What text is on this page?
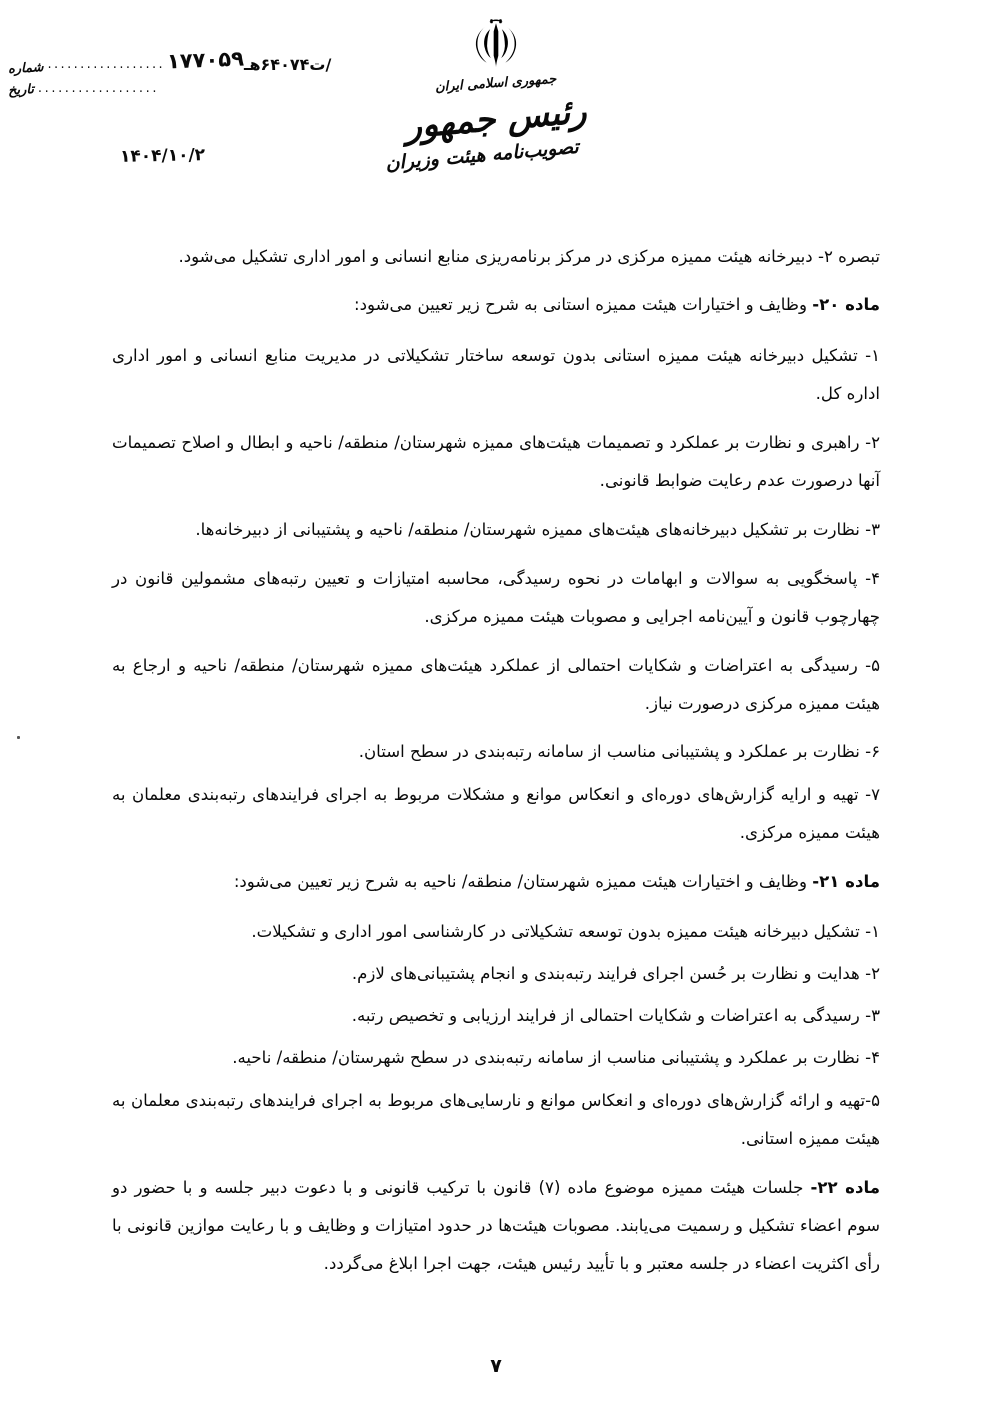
شماره .................. ۱۷۷۰۵۹ /ت۶۴۰۷۴هـ
تاریخ ..................
۱۴۰۴/۱۰/۲
جمهوری اسلامی ایران
رئیس جمهور
تصویب‌نامه هیئت وزیران

تبصره ۲- دبیرخانه هیئت ممیزه مرکزی در مرکز برنامه‌ریزی منابع انسانی و امور اداری تشکیل می‌شود.

ماده ۲۰- وظایف و اختیارات هیئت ممیزه استانی به شرح زیر تعیین می‌شود:

۱- تشکیل دبیرخانه هیئت ممیزه استانی بدون توسعه ساختار تشکیلاتی در مدیریت منابع انسانی و امور اداری اداره کل.

۲- راهبری و نظارت بر عملکرد و تصمیمات هیئت‌های ممیزه شهرستان/ منطقه/ ناحیه و ابطال و اصلاح تصمیمات آنها درصورت عدم رعایت ضوابط قانونی.

۳- نظارت بر تشکیل دبیرخانه‌های هیئت‌های ممیزه شهرستان/ منطقه/ ناحیه و پشتیبانی از دبیرخانه‌ها.

۴- پاسخگویی به سوالات و ابهامات در نحوه رسیدگی، محاسبه امتیازات و تعیین رتبه‌های مشمولین قانون در چهارچوب قانون و آیین‌نامه اجرایی و مصوبات هیئت ممیزه مرکزی.

۵- رسیدگی به اعتراضات و شکایات احتمالی از عملکرد هیئت‌های ممیزه شهرستان/ منطقه/ ناحیه و ارجاع به هیئت ممیزه مرکزی درصورت نیاز.

۶- نظارت بر عملکرد و پشتیبانی مناسب از سامانه رتبه‌بندی در سطح استان.

۷- تهیه و ارایه گزارش‌های دوره‌ای و انعکاس موانع و مشکلات مربوط به اجرای فرایندهای رتبه‌بندی معلمان به هیئت ممیزه مرکزی.

ماده ۲۱- وظایف و اختیارات هیئت ممیزه شهرستان/ منطقه/ ناحیه به شرح زیر تعیین می‌شود:

۱- تشکیل دبیرخانه هیئت ممیزه بدون توسعه تشکیلاتی در کارشناسی امور اداری و تشکیلات.

۲- هدایت و نظارت بر حُسن اجرای فرایند رتبه‌بندی و انجام پشتیبانی‌های لازم.

۳- رسیدگی به اعتراضات و شکایات احتمالی از فرایند ارزیابی و تخصیص رتبه.

۴- نظارت بر عملکرد و پشتیبانی مناسب از سامانه رتبه‌بندی در سطح شهرستان/ منطقه/ ناحیه.

۵-تهیه و ارائه گزارش‌های دوره‌ای و انعکاس موانع و نارسایی‌های مربوط به اجرای فرایندهای رتبه‌بندی معلمان به هیئت ممیزه استانی.

ماده ۲۲- جلسات هیئت ممیزه موضوع ماده (۷) قانون با ترکیب قانونی و با دعوت دبیر جلسه و با حضور دو سوم اعضاء تشکیل و رسمیت می‌یابند. مصوبات هیئت‌ها در حدود امتیازات و وظایف و با رعایت موازین قانونی با رأی اکثریت اعضاء در جلسه معتبر و با تأیید رئیس هیئت، جهت اجرا ابلاغ می‌گردد.

۷
